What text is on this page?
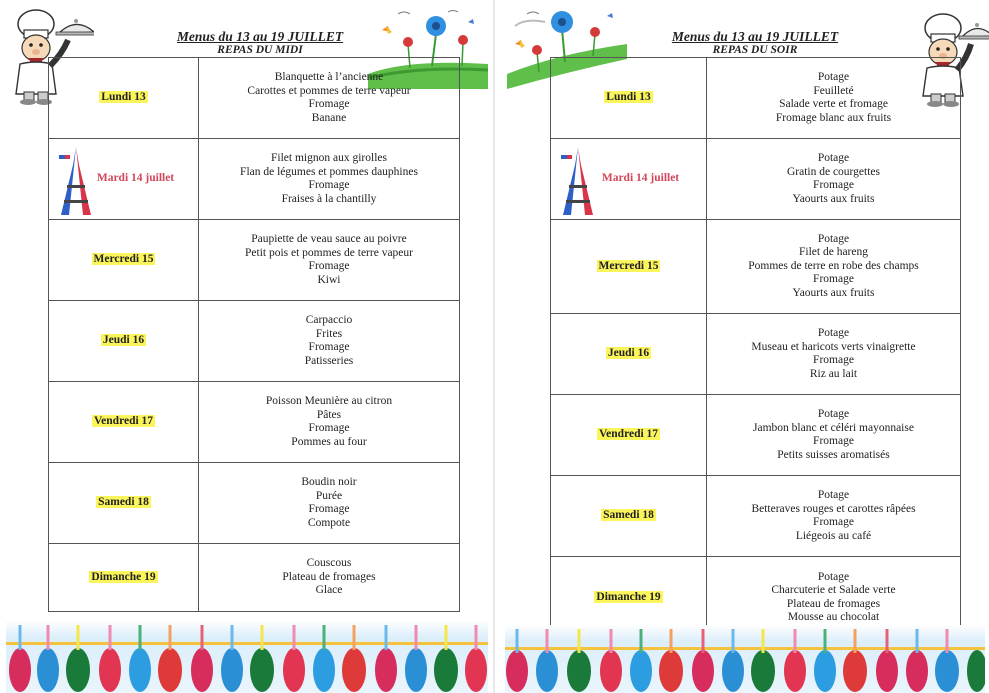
Menus du 13 au 19 JUILLET
REPAS DU MIDI
Lundi 13	Blanquette à l’ancienne
Carottes et pommes de terre vapeur
Fromage
Banane

Mardi 14 juillet	Filet mignon aux girolles
Flan de légumes et pommes dauphines
Fromage
Fraises à la chantilly

Mercredi 15	Paupiette de veau sauce au poivre
Petit pois et pommes de terre vapeur
Fromage
Kiwi

Jeudi 16	Carpaccio
Frites
Fromage
Patisseries

Vendredi 17	Poisson Meunière au citron
Pâtes
Fromage
Pommes au four

Samedi 18	Boudin noir
Purée
Fromage
Compote

Dimanche 19	Couscous
Plateau de fromages
Glace
Menus du 13 au 19 JUILLET
REPAS DU SOIR
Lundi 13	Potage
Feuilleté
Salade verte et fromage
Fromage blanc aux fruits

Mardi 14 juillet	Potage
Gratin de courgettes
Fromage
Yaourts aux fruits

Mercredi 15	Potage
Filet de hareng
Pommes de terre en robe des champs
Fromage
Yaourts aux fruits

Jeudi 16	Potage
Museau et haricots verts vinaigrette
Fromage
Riz au lait

Vendredi 17	Potage
Jambon blanc et céléri mayonnaise
Fromage
Petits suisses aromatisés

Samedi 18	Potage
Betteraves rouges et carottes râpées
Fromage
Liégeois au café

Dimanche 19	Potage
Charcuterie et Salade verte
Plateau de fromages
Mousse au chocolat
